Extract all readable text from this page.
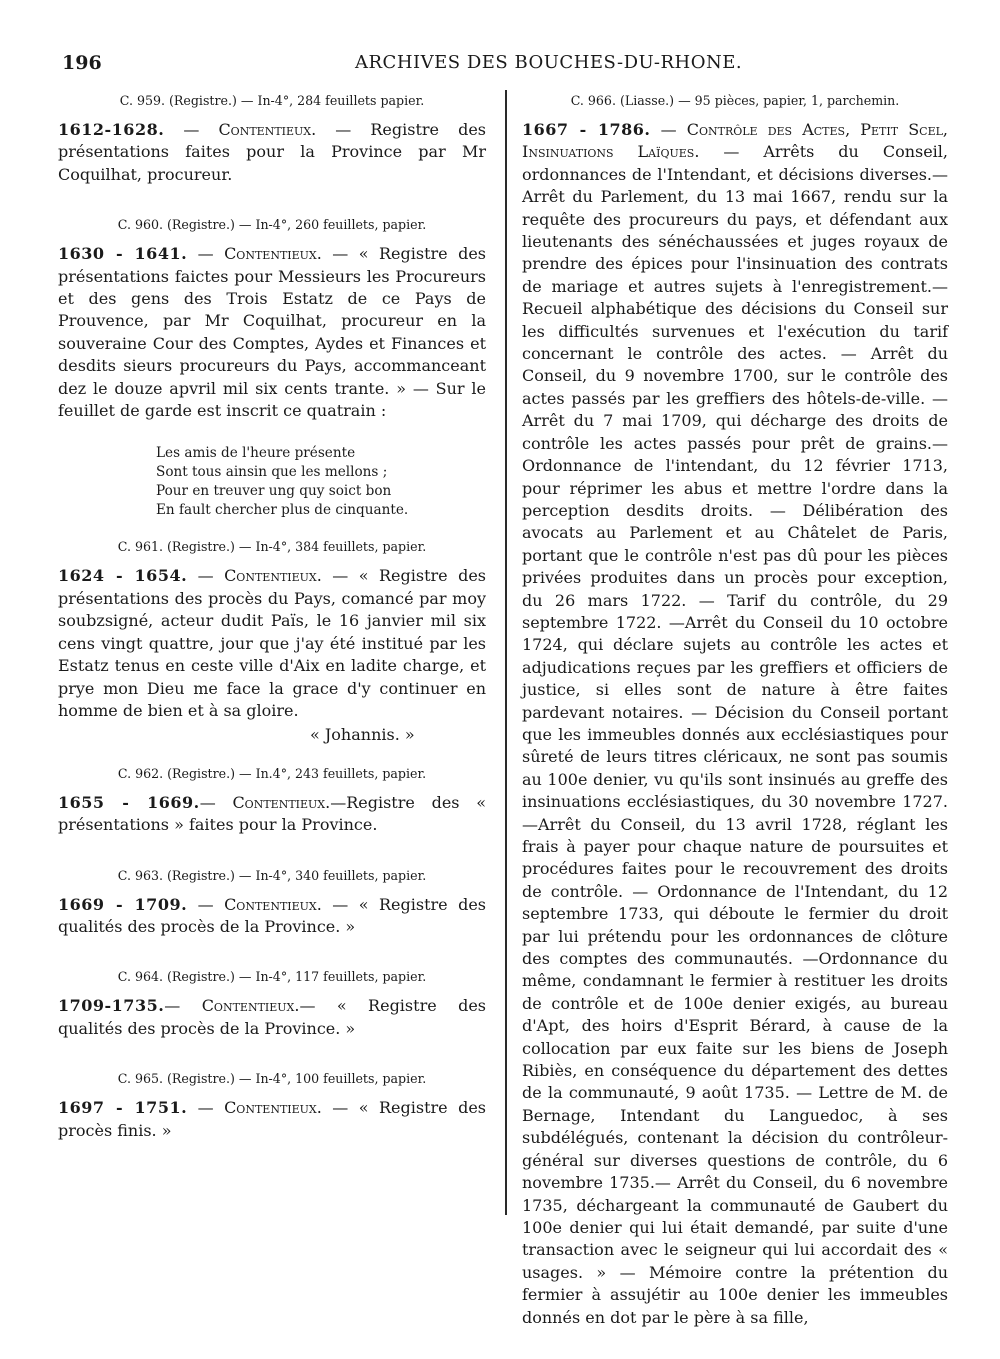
196	ARCHIVES DES BOUCHES-DU-RHONE.
C. 959. (Registre.) — In-4°, 284 feuillets papier.

1612-1628. — Contentieux. — Registre des présentations faites pour la Province par Mr Coquilhat, procureur.

C. 960. (Registre.) — In-4°, 260 feuillets, papier.

1630 - 1641. — Contentieux. — « Registre des présentations faictes pour Messieurs les Procureurs et des gens des Trois Estatz de ce Pays de Prouvence, par Mr Coquilhat, procureur en la souveraine Cour des Comptes, Aydes et Finances et desdits sieurs procureurs du Pays, accommanceant dez le douze apvril mil six cents trante. » — Sur le feuillet de garde est inscrit ce quatrain :

Les amis de l'heure présente
Sont tous ainsin que les mellons ;
Pour en treuver ung quy soict bon
En fault chercher plus de cinquante.
C. 961. (Registre.) — In-4°, 384 feuillets, papier.

1624 - 1654. — Contentieux. — « Registre des présentations des procès du Pays, comancé par moy soubzsigné, acteur dudit Païs, le 16 janvier mil six cens vingt quattre, jour que j'ay été institué par les Estatz tenus en ceste ville d'Aix en ladite charge, et prye mon Dieu me face la grace d'y continuer en homme de bien et à sa gloire.

« Johannis. »
C. 962. (Registre.) — In.4°, 243 feuillets, papier.

1655 - 1669.— Contentieux.—Registre des « présentations » faites pour la Province.

C. 963. (Registre.) — In-4°, 340 feuillets, papier.

1669 - 1709. — Contentieux. — « Registre des qualités des procès de la Province. »

C. 964. (Registre.) — In-4°, 117 feuillets, papier.

1709-1735.— Contentieux.— « Registre des qualités des procès de la Province. »

C. 965. (Registre.) — In-4°, 100 feuillets, papier.

1697 - 1751. — Contentieux. — « Registre des procès finis. »

C. 966. (Liasse.) — 95 pièces, papier, 1, parchemin.

1667 - 1786. — Contrôle des Actes, Petit Scel, Insinuations Laïques. — Arrêts du Conseil, ordonnances de l'Intendant, et décisions diverses.— Arrêt du Parlement, du 13 mai 1667, rendu sur la requête des procureurs du pays, et défendant aux lieutenants des sénéchaussées et juges royaux de prendre des épices pour l'insinuation des contrats de mariage et autres sujets à l'enregistrement.—Recueil alphabétique des décisions du Conseil sur les difficultés survenues et l'exécution du tarif concernant le contrôle des actes. — Arrêt du Conseil, du 9 novembre 1700, sur le contrôle des actes passés par les greffiers des hôtels-de-ville. — Arrêt du 7 mai 1709, qui décharge des droits de contrôle les actes passés pour prêt de grains.—Ordonnance de l'intendant, du 12 février 1713, pour réprimer les abus et mettre l'ordre dans la perception desdits droits. — Délibération des avocats au Parlement et au Châtelet de Paris, portant que le contrôle n'est pas dû pour les pièces privées produites dans un procès pour exception, du 26 mars 1722. — Tarif du contrôle, du 29 septembre 1722. —Arrêt du Conseil du 10 octobre 1724, qui déclare sujets au contrôle les actes et adjudications reçues par les greffiers et officiers de justice, si elles sont de nature à être faites pardevant notaires. — Décision du Conseil portant que les immeubles donnés aux ecclésiastiques pour sûreté de leurs titres cléricaux, ne sont pas soumis au 100e denier, vu qu'ils sont insinués au greffe des insinuations ecclésiastiques, du 30 novembre 1727.—Arrêt du Conseil, du 13 avril 1728, réglant les frais à payer pour chaque nature de poursuites et procédures faites pour le recouvrement des droits de contrôle. — Ordonnance de l'Intendant, du 12 septembre 1733, qui déboute le fermier du droit par lui prétendu pour les ordonnances de clôture des comptes des communautés. —Ordonnance du même, condamnant le fermier à restituer les droits de contrôle et de 100e denier exigés, au bureau d'Apt, des hoirs d'Esprit Bérard, à cause de la collocation par eux faite sur les biens de Joseph Ribiès, en conséquence du département des dettes de la communauté, 9 août 1735. — Lettre de M. de Bernage, Intendant du Languedoc, à ses subdélégués, contenant la décision du contrôleur-général sur diverses questions de contrôle, du 6 novembre 1735.— Arrêt du Conseil, du 6 novembre 1735, déchargeant la communauté de Gaubert du 100e denier qui lui était demandé, par suite d'une transaction avec le seigneur qui lui accordait des « usages. » — Mémoire contre la prétention du fermier à assujétir au 100e denier les immeubles donnés en dot par le père à sa fille,
